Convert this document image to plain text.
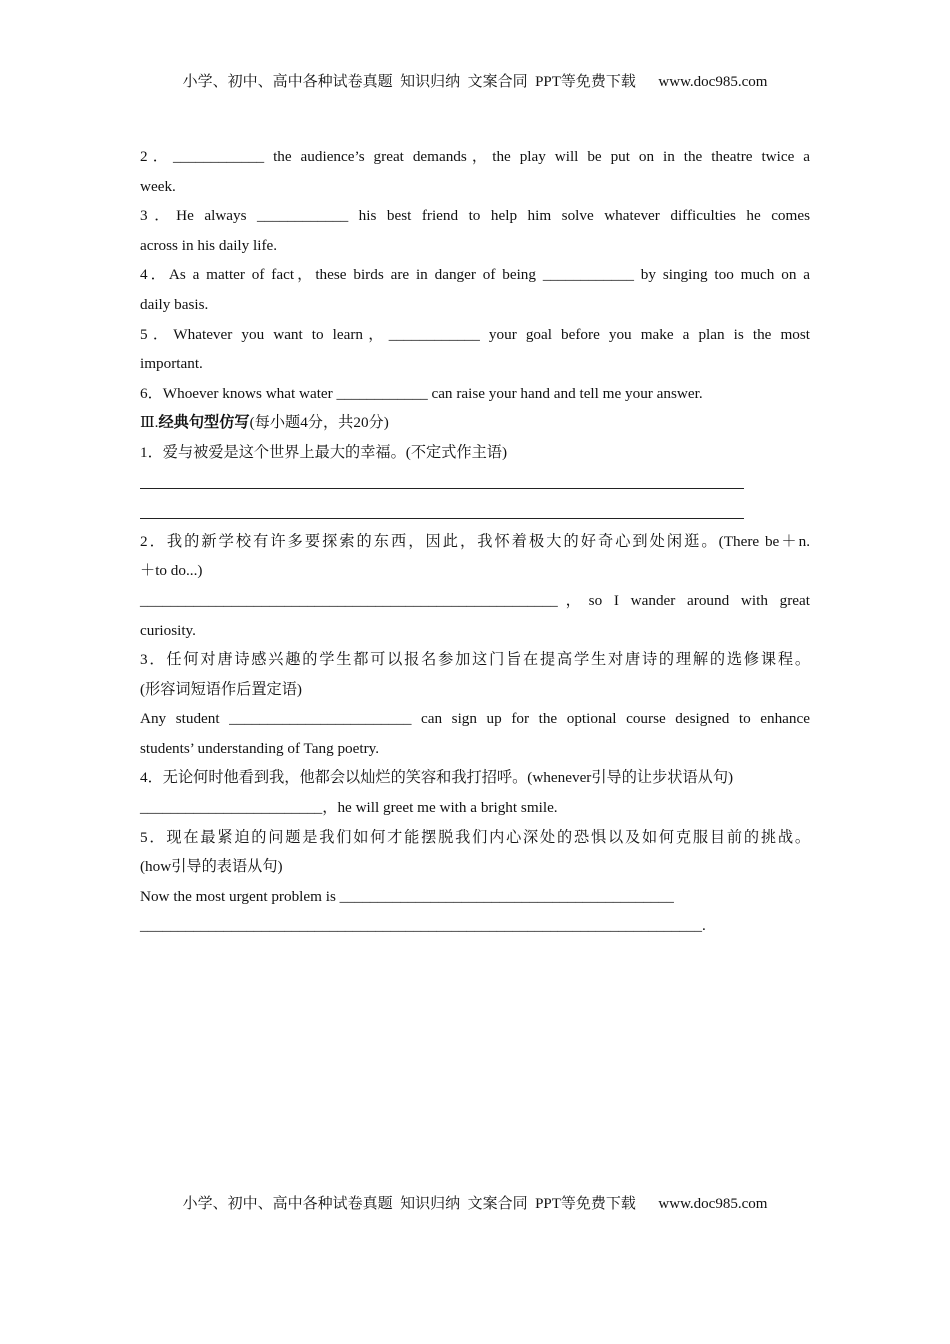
小学、初中、高中各种试卷真题  知识归纳  文案合同  PPT等免费下载      www.doc985.com
2．____________ the audience’s great demands，the play will be put on in the theatre twice a
week.
3．He always ____________ his best friend to help him solve whatever difficulties he comes
across in his daily life.
4．As a matter of fact，these birds are in danger of being ____________ by singing too much on a
daily basis.
5．Whatever you want to learn，____________ your goal before you make a plan is the most
important.
6．Whoever knows what water ____________ can raise your hand and tell me your answer.
Ⅲ.经典句型仿写(每小题4分，共20分)
1．爱与被爱是这个世界上最大的幸福。(不定式作主语)
2．我的新学校有许多要探索的东西，因此，我怀着极大的好奇心到处闲逛。(There be＋n.
＋to do...)
_______________________________________________________，so I wander around with great
curiosity.
3．任何对唐诗感兴趣的学生都可以报名参加这门旨在提高学生对唐诗的理解的选修课程。
(形容词短语作后置定语)
Any student ________________________ can sign up for the optional course designed to enhance
students’ understanding of Tang poetry.
4．无论何时他看到我，他都会以灿烂的笑容和我打招呼。(whenever引导的让步状语从句)
________________________，he will greet me with a bright smile.
5．现在最紧迫的问题是我们如何才能摆脱我们内心深处的恐惧以及如何克服目前的挑战。
(how引导的表语从句)
Now the most urgent problem is ____________________________________________
__________________________________________________________________________.
小学、初中、高中各种试卷真题  知识归纳  文案合同  PPT等免费下载      www.doc985.com
